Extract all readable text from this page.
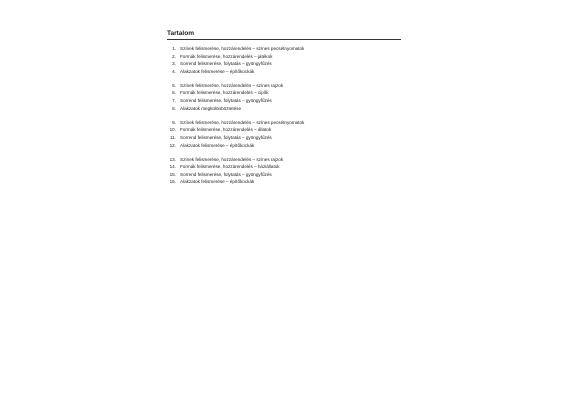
Tartalom
1. Színek felismerése, hozzárendelés – színes pecsétnyomatok
2. Formák felismerése, hozzárendelés – játékok
3. Sorrend felismerése, folytatás – gyöngyfűzés
4. Alakzatok felismerése – építőkockák
5. Színek felismerése, hozzárendelés – színes rajzok
6. Formák felismerése, hozzárendelés – cipők
7. Sorrend felismerése, folytatás – gyöngyfűzés
8. Alakzatok megkülönböztetése
9. Színek felismerése, hozzárendelés – színes pecsétnyomatok
10. Formák felismerése, hozzárendelés – állatok
11. Sorrend felismerése, folytatás – gyöngyfűzés
12. Alakzatok felismerése – építőkockák
13. Színek felismerése, hozzárendelés – színes rajzok
14. Formák felismerése, hozzárendelés – háziállatok
15. Sorrend felismerése, folytatás – gyöngyfűzés
16. Alakzatok felismerése – építőkockák
